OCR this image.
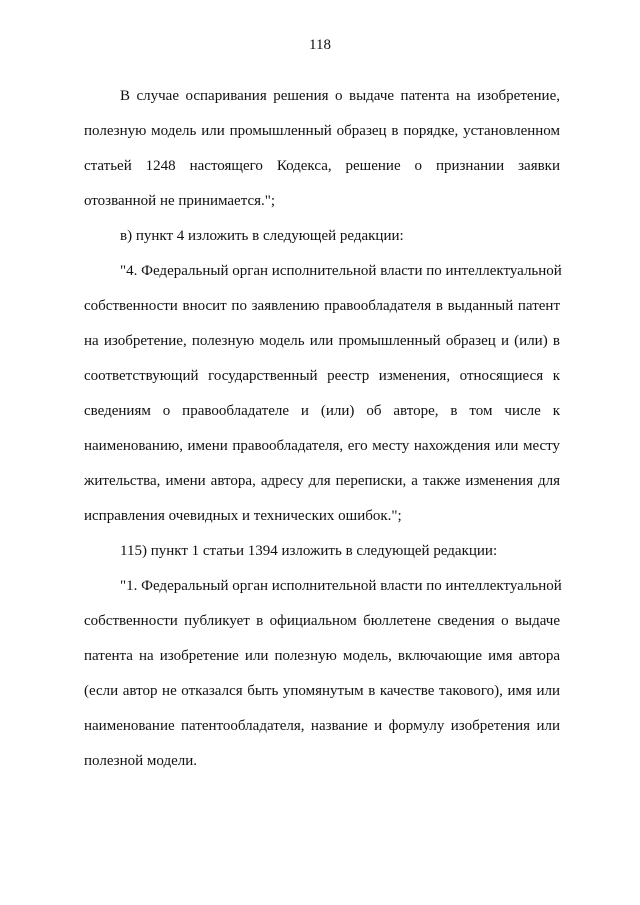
118
В случае оспаривания решения о выдаче патента на изобретение,
полезную модель или промышленный образец в порядке, установленном
статьей 1248 настоящего Кодекса, решение о признании заявки
отозванной не принимается.";
в) пункт 4 изложить в следующей редакции:
"4. Федеральный орган исполнительной власти по интеллектуальной
собственности вносит по заявлению правообладателя в выданный патент
на изобретение, полезную модель или промышленный образец и (или) в
соответствующий государственный реестр изменения, относящиеся к
сведениям о правообладателе и (или) об авторе, в том числе к
наименованию, имени правообладателя, его месту нахождения или месту
жительства, имени автора, адресу для переписки, а также изменения для
исправления очевидных и технических ошибок.";
115) пункт 1 статьи 1394 изложить в следующей редакции:
"1. Федеральный орган исполнительной власти по интеллектуальной
собственности публикует в официальном бюллетене сведения о выдаче
патента на изобретение или полезную модель, включающие имя автора
(если автор не отказался быть упомянутым в качестве такового), имя или
наименование патентообладателя, название и формулу изобретения или
полезной модели.
